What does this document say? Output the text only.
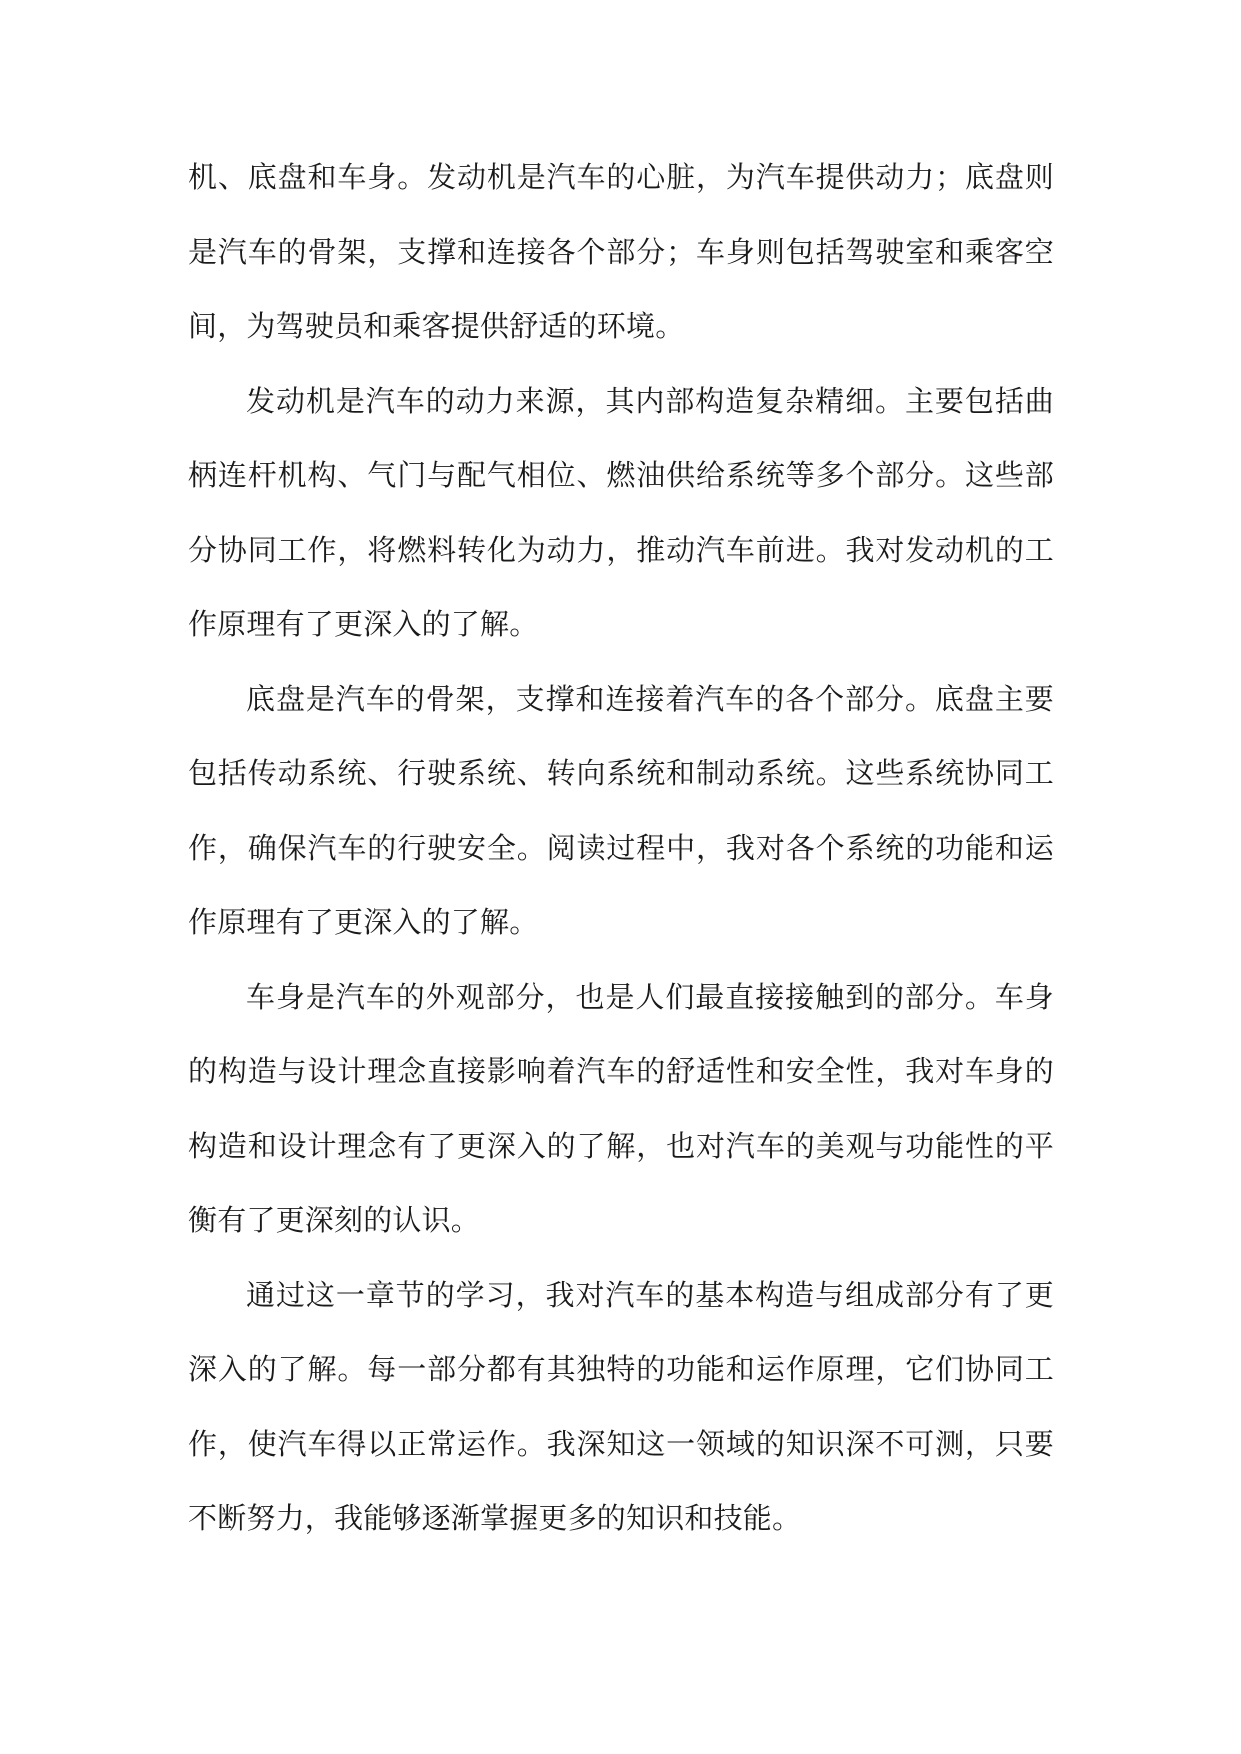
机、底盘和车身。发动机是汽车的心脏，为汽车提供动力；底盘则是汽车的骨架，支撑和连接各个部分；车身则包括驾驶室和乘客空间，为驾驶员和乘客提供舒适的环境。

发动机是汽车的动力来源，其内部构造复杂精细。主要包括曲柄连杆机构、气门与配气相位、燃油供给系统等多个部分。这些部分协同工作，将燃料转化为动力，推动汽车前进。我对发动机的工作原理有了更深入的了解。

底盘是汽车的骨架，支撑和连接着汽车的各个部分。底盘主要包括传动系统、行驶系统、转向系统和制动系统。这些系统协同工作，确保汽车的行驶安全。阅读过程中，我对各个系统的功能和运作原理有了更深入的了解。

车身是汽车的外观部分，也是人们最直接接触到的部分。车身的构造与设计理念直接影响着汽车的舒适性和安全性，我对车身的构造和设计理念有了更深入的了解，也对汽车的美观与功能性的平衡有了更深刻的认识。

通过这一章节的学习，我对汽车的基本构造与组成部分有了更深入的了解。每一部分都有其独特的功能和运作原理，它们协同工作，使汽车得以正常运作。我深知这一领域的知识深不可测，只要不断努力，我能够逐渐掌握更多的知识和技能。
